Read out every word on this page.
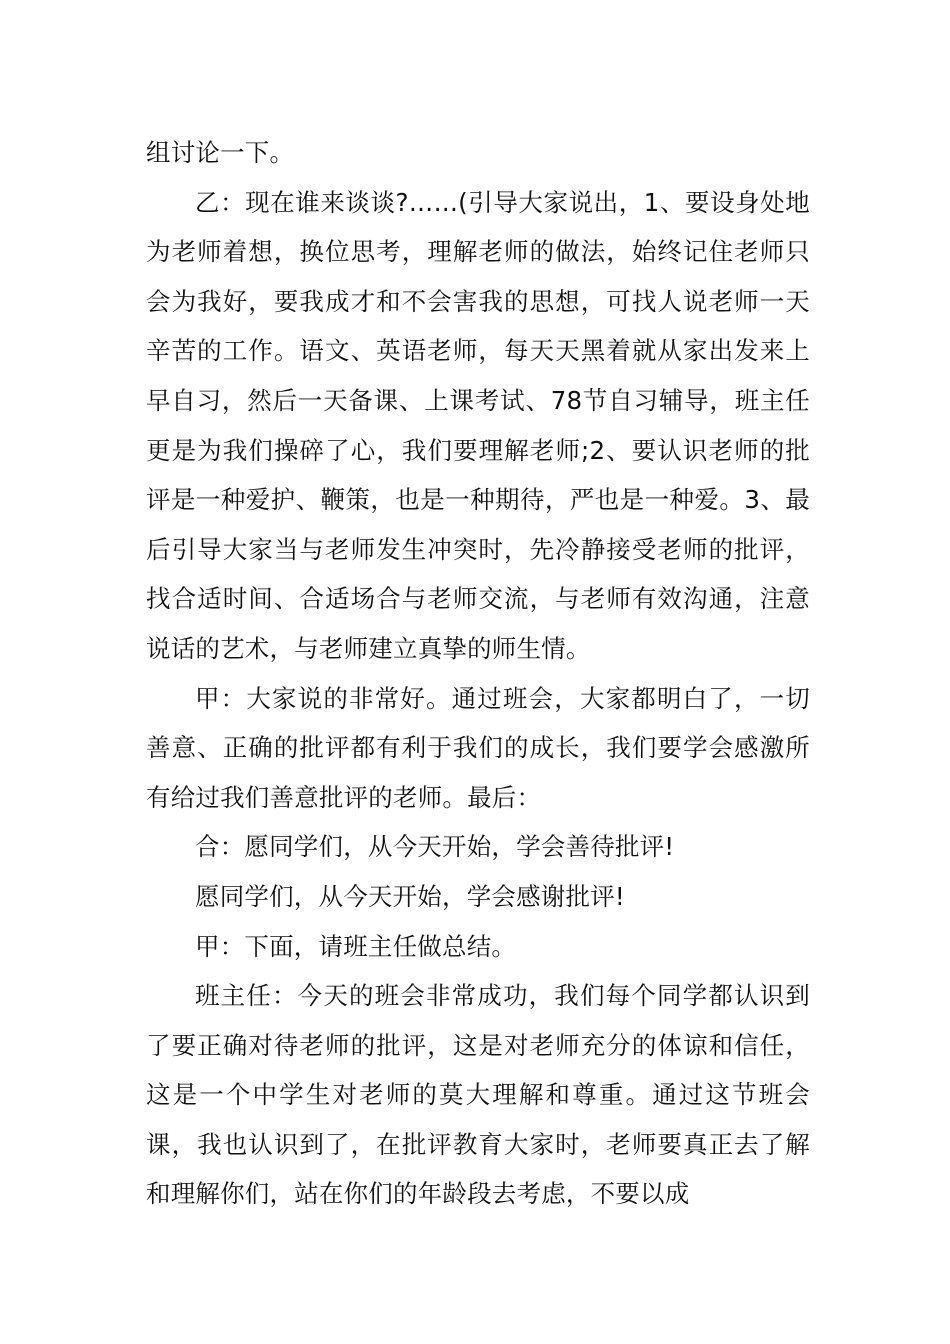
组讨论一下。

乙：现在谁来谈谈?……(引导大家说出，1、要设身处地为老师着想，换位思考，理解老师的做法，始终记住老师只会为我好，要我成才和不会害我的思想，可找人说老师一天辛苦的工作。语文、英语老师，每天天黑着就从家出发来上早自习，然后一天备课、上课考试、78节自习辅导，班主任更是为我们操碎了心，我们要理解老师;2、要认识老师的批评是一种爱护、鞭策，也是一种期待，严也是一种爱。3、最后引导大家当与老师发生冲突时，先冷静接受老师的批评，找合适时间、合适场合与老师交流，与老师有效沟通，注意说话的艺术，与老师建立真挚的师生情。

甲：大家说的非常好。通过班会，大家都明白了，一切善意、正确的批评都有利于我们的成长，我们要学会感激所有给过我们善意批评的老师。最后：

合：愿同学们，从今天开始，学会善待批评!

愿同学们，从今天开始，学会感谢批评!

甲：下面，请班主任做总结。

班主任：今天的班会非常成功，我们每个同学都认识到了要正确对待老师的批评，这是对老师充分的体谅和信任，这是一个中学生对老师的莫大理解和尊重。通过这节班会课，我也认识到了，在批评教育大家时，老师要真正去了解和理解你们，站在你们的年龄段去考虑，不要以成
